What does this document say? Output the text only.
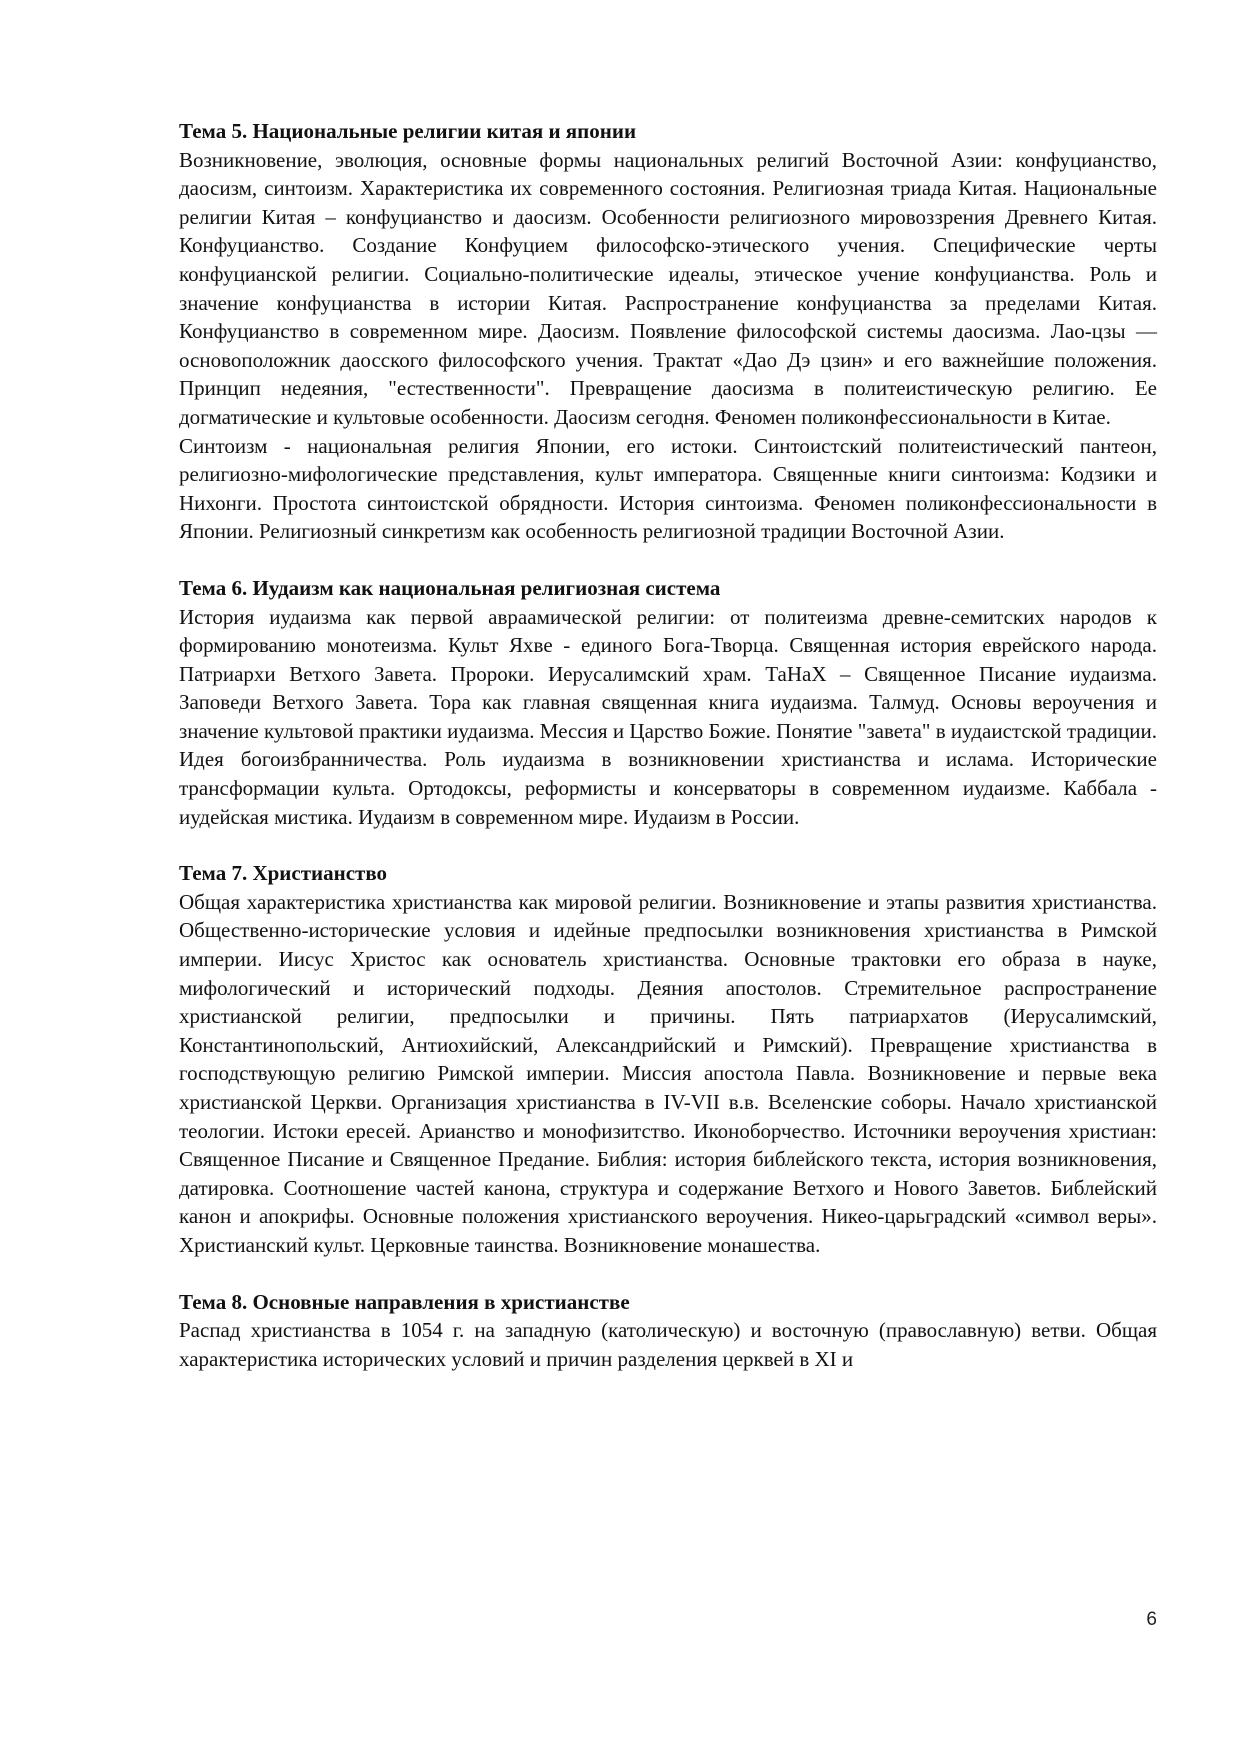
Тема 5. Национальные религии китая и японии

Возникновение, эволюция, основные формы национальных религий Восточной Азии: конфуцианство, даосизм, синтоизм. Характеристика их современного состояния. Религиозная триада Китая. Национальные религии Китая – конфуцианство и даосизм. Особенности религиозного мировоззрения Древнего Китая. Конфуцианство. Создание Конфуцием философско-этического учения. Специфические черты конфуцианской религии. Социально-политические идеалы, этическое учение конфуцианства. Роль и значение конфуцианства в истории Китая. Распространение конфуцианства за пределами Китая. Конфуцианство в современном мире. Даосизм. Появление философской системы даосизма. Лао-цзы — основоположник даосского философского учения. Трактат «Дао Дэ цзин» и его важнейшие положения. Принцип недеяния, "естественности". Превращение даосизма в политеистическую религию. Ее догматические и культовые особенности. Даосизм сегодня. Феномен поликонфессиональности в Китае.

Синтоизм - национальная религия Японии, его истоки. Синтоистский политеистический пантеон, религиозно-мифологические представления, культ императора. Священные книги синтоизма: Кодзики и Нихонги. Простота синтоистской обрядности. История синтоизма. Феномен поликонфессиональности в Японии. Религиозный синкретизм как особенность религиозной традиции Восточной Азии.

Тема 6. Иудаизм как национальная религиозная система

История иудаизма как первой авраамической религии: от политеизма древне-семитских народов к формированию монотеизма. Культ Яхве - единого Бога-Творца. Священная история еврейского народа. Патриархи Ветхого Завета. Пророки. Иерусалимский храм. ТаНаХ – Священное Писание иудаизма. Заповеди Ветхого Завета. Тора как главная священная книга иудаизма. Талмуд. Основы вероучения и значение культовой практики иудаизма. Мессия и Царство Божие. Понятие "завета" в иудаистской традиции. Идея богоизбранничества. Роль иудаизма в возникновении христианства и ислама. Исторические трансформации культа. Ортодоксы, реформисты и консерваторы в современном иудаизме. Каббала - иудейская мистика. Иудаизм в современном мире. Иудаизм в России.

Тема 7. Христианство

Общая характеристика христианства как мировой религии. Возникновение и этапы развития христианства. Общественно-исторические условия и идейные предпосылки возникновения христианства в Римской империи. Иисус Христос как основатель христианства. Основные трактовки его образа в науке, мифологический и исторический подходы. Деяния апостолов. Стремительное распространение христианской религии, предпосылки и причины. Пять патриархатов (Иерусалимский, Константинопольский, Антиохийский, Александрийский и Римский). Превращение христианства в господствующую религию Римской империи. Миссия апостола Павла. Возникновение и первые века христианской Церкви. Организация христианства в IV-VII в.в. Вселенские соборы. Начало христианской теологии. Истоки ересей. Арианство и монофизитство. Иконоборчество. Источники вероучения христиан: Священное Писание и Священное Предание. Библия: история библейского текста, история возникновения, датировка. Соотношение частей канона, структура и содержание Ветхого и Нового Заветов. Библейский канон и апокрифы. Основные положения христианского вероучения. Никео-царьградский «символ веры». Христианский культ. Церковные таинства. Возникновение монашества.

Тема 8. Основные направления в христианстве

Распад христианства в 1054 г. на западную (католическую) и восточную (православную) ветви. Общая характеристика исторических условий и причин разделения церквей в XI и

6
